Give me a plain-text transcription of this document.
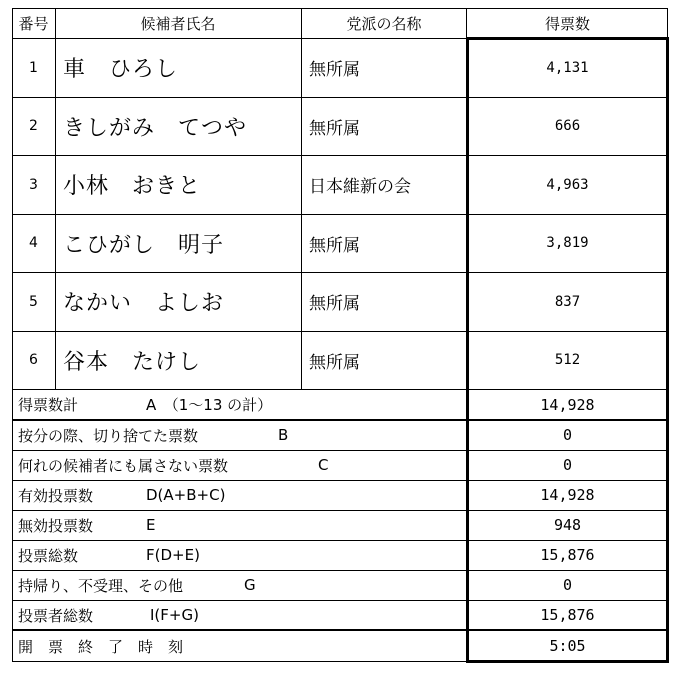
番号	候補者氏名	党派の名称	得票数
1	車　ひろし	無所属	4,131
2	きしがみ　てつや	無所属	666
3	小林　おきと	日本維新の会	4,963
4	こひがし　明子	無所属	3,819
5	なかい　よしお	無所属	837
6	谷本　たけし	無所属	512
得票数計	A　（1～13 の計）	14,928
按分の際、切り捨てた票数	B	0
何れの候補者にも属さない票数	C	0
有効投票数	D(A+B+C)	14,928
無効投票数	E	948
投票総数	F(D+E)	15,876
持帰り、不受理、その他	G	0
投票者総数	I(F+G)	15,876
開　票　終　了　時　刻	5:05
